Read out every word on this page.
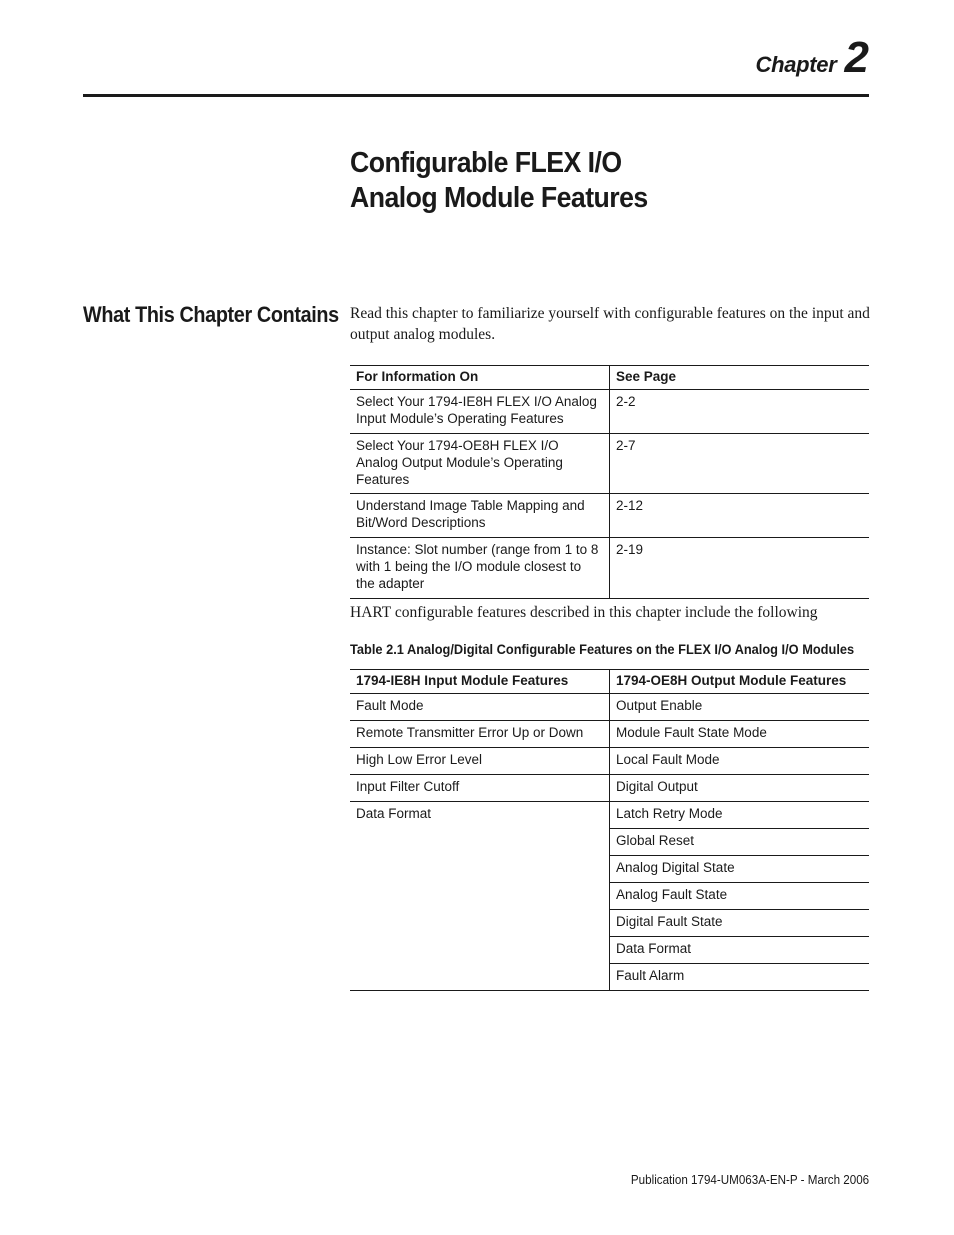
Chapter 2
Configurable FLEX I/O
Analog Module Features
What This Chapter Contains Read this chapter to familiarize yourself with configurable features on the input and output analog modules.

For Information On	See Page
Select Your 1794-IE8H FLEX I/O Analog Input Module’s Operating Features	2-2
Select Your 1794-OE8H FLEX I/O Analog Output Module’s Operating Features	2-7
Understand Image Table Mapping and Bit/Word Descriptions	2-12
Instance: Slot number (range from 1 to 8 with 1 being the I/O module closest to the adapter	2-19

HART configurable features described in this chapter include the following

Table 2.1 Analog/Digital Configurable Features on the FLEX I/O Analog I/O Modules

1794-IE8H Input Module Features	1794-OE8H Output Module Features
Fault Mode	Output Enable
Remote Transmitter Error Up or Down	Module Fault State Mode
High Low Error Level	Local Fault Mode
Input Filter Cutoff	Digital Output
Data Format	Latch Retry Mode
	Global Reset
	Analog Digital State
	Analog Fault State
	Digital Fault State
	Data Format
	Fault Alarm
Publication 1794-UM063A-EN-P - March 2006
